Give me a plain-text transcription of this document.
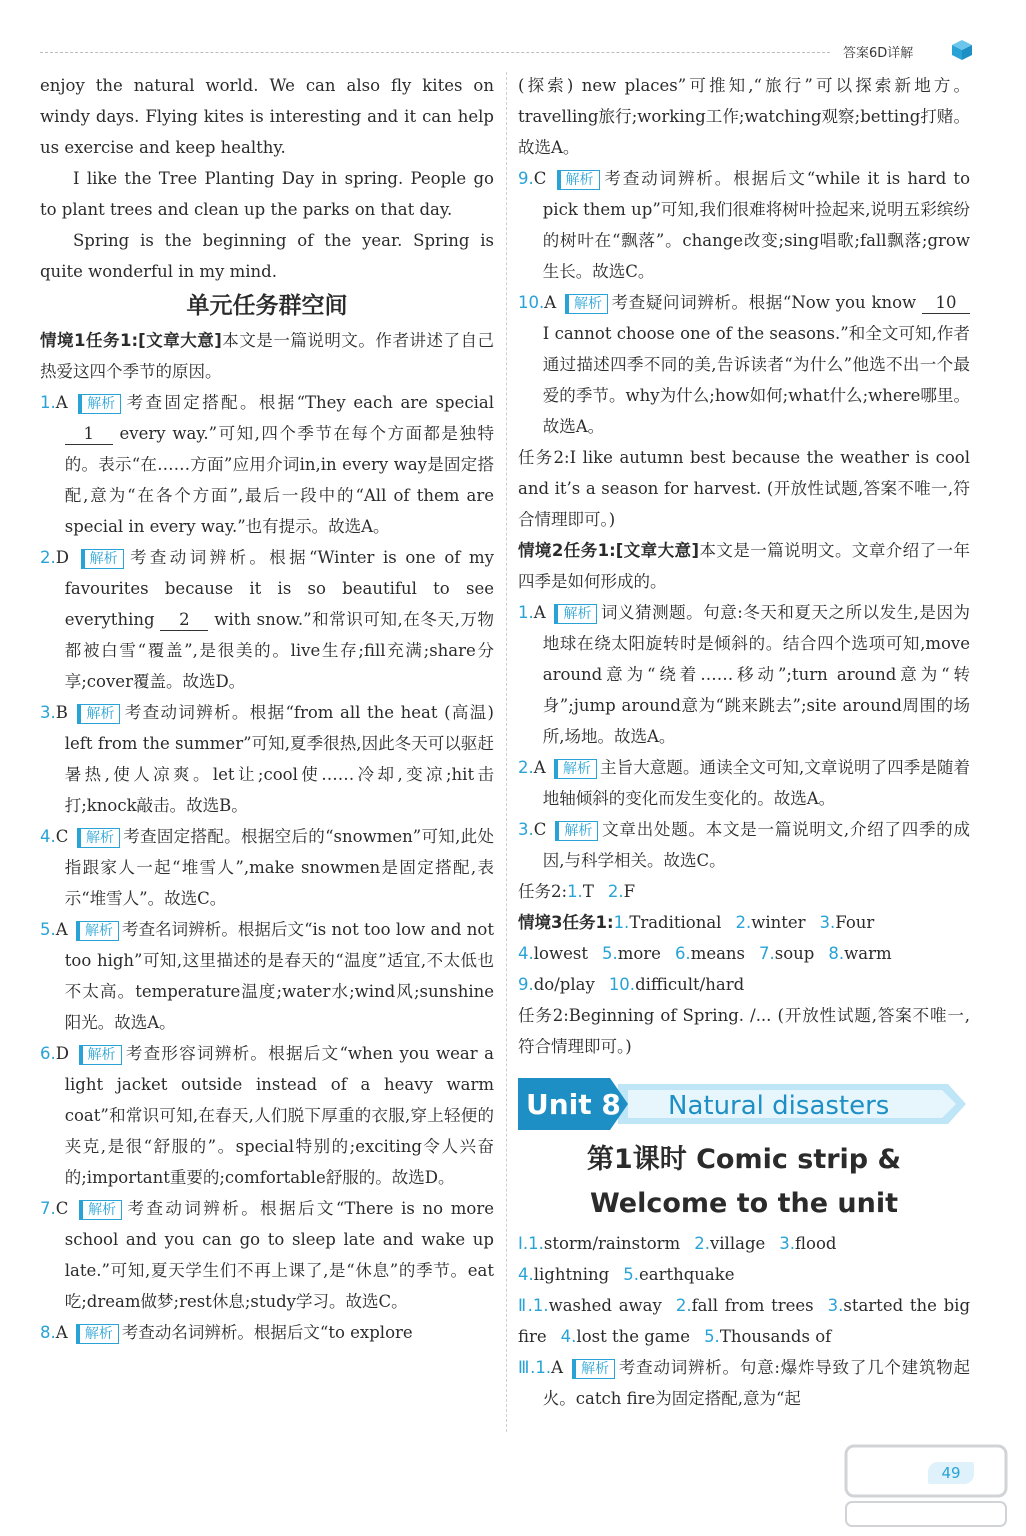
答案6D详解

enjoy the natural world. We can also fly kites on windy days. Flying kites is interesting and it can help us exercise and keep healthy.

I like the Tree Planting Day in spring. People go to plant trees and clean up the parks on that day.

Spring is the beginning of the year. Spring is quite wonderful in my mind.

单元任务群空间

情境1任务1:[文章大意]本文是一篇说明文。作者讲述了自己热爱这四个季节的原因。

1.A 解析 考查固定搭配。根据“They each are special 1 every way.”可知,四个季节在每个方面都是独特的。表示“在……方面”应用介词in,in every way是固定搭配,意为“在各个方面”,最后一段中的“All of them are special in every way.”也有提示。故选A。

2.D 解析 考查动词辨析。根据“Winter is one of my favourites because it is so beautiful to see everything 2 with snow.”和常识可知,在冬天,万物都被白雪“覆盖”,是很美的。live生存;fill充满;share分享;cover覆盖。故选D。

3.B 解析 考查动词辨析。根据“from all the heat (高温) left from the summer”可知,夏季很热,因此冬天可以驱赶暑热,使人凉爽。let让;cool使……冷却,变凉;hit击打;knock敲击。故选B。

4.C 解析 考查固定搭配。根据空后的“snowmen”可知,此处指跟家人一起“堆雪人”,make snowmen是固定搭配,表示“堆雪人”。故选C。

5.A 解析 考查名词辨析。根据后文“is not too low and not too high”可知,这里描述的是春天的“温度”适宜,不太低也不太高。temperature温度;water水;wind风;sunshine阳光。故选A。

6.D 解析 考查形容词辨析。根据后文“when you wear a light jacket outside instead of a heavy warm coat”和常识可知,在春天,人们脱下厚重的衣服,穿上轻便的夹克,是很“舒服的”。special特别的;exciting令人兴奋的;important重要的;comfortable舒服的。故选D。

7.C 解析 考查动词辨析。根据后文“There is no more school and you can go to sleep late and wake up late.”可知,夏天学生们不再上课了,是“休息”的季节。eat吃;dream做梦;rest休息;study学习。故选C。

8.A 解析 考查动名词辨析。根据后文“to explore

(探索) new places”可推知,“旅行”可以探索新地方。travelling旅行;working工作;watching观察;betting打赌。故选A。

9.C 解析 考查动词辨析。根据后文“while it is hard to pick them up”可知,我们很难将树叶捡起来,说明五彩缤纷的树叶在“飘落”。change改变;sing唱歌;fall飘落;grow生长。故选C。

10.A 解析 考查疑问词辨析。根据“Now you know 10 I cannot choose one of the seasons.”和全文可知,作者通过描述四季不同的美,告诉读者“为什么”他选不出一个最爱的季节。why为什么;how如何;what什么;where哪里。故选A。

任务2:I like autumn best because the weather is cool and it’s a season for harvest. (开放性试题,答案不唯一,符合情理即可。)

情境2任务1:[文章大意]本文是一篇说明文。文章介绍了一年四季是如何形成的。

1.A 解析 词义猜测题。句意:冬天和夏天之所以发生,是因为地球在绕太阳旋转时是倾斜的。结合四个选项可知,move around意为“绕着……移动”;turn around意为“转身”;jump around意为“跳来跳去”;site around周围的场所,场地。故选A。

2.A 解析 主旨大意题。通读全文可知,文章说明了四季是随着地轴倾斜的变化而发生变化的。故选A。

3.C 解析 文章出处题。本文是一篇说明文,介绍了四季的成因,与科学相关。故选C。

任务2:1.T 2.F

情境3任务1:1.Traditional 2.winter 3.Four

4.lowest 5.more 6.means 7.soup 8.warm

9.do/play 10.difficult/hard

任务2:Beginning of Spring. /... (开放性试题,答案不唯一,符合情理即可。)

Unit 8 Natural disasters
第1课时 Comic strip &
Welcome to the unit

Ⅰ.1.storm/rainstorm 2.village 3.flood

4.lightning 5.earthquake

Ⅱ.1.washed away 2.fall from trees 3.started the big fire 4.lost the game 5.Thousands of

Ⅲ.1.A 解析 考查动词辨析。句意:爆炸导致了几个建筑物起火。catch fire为固定搭配,意为“起

49
